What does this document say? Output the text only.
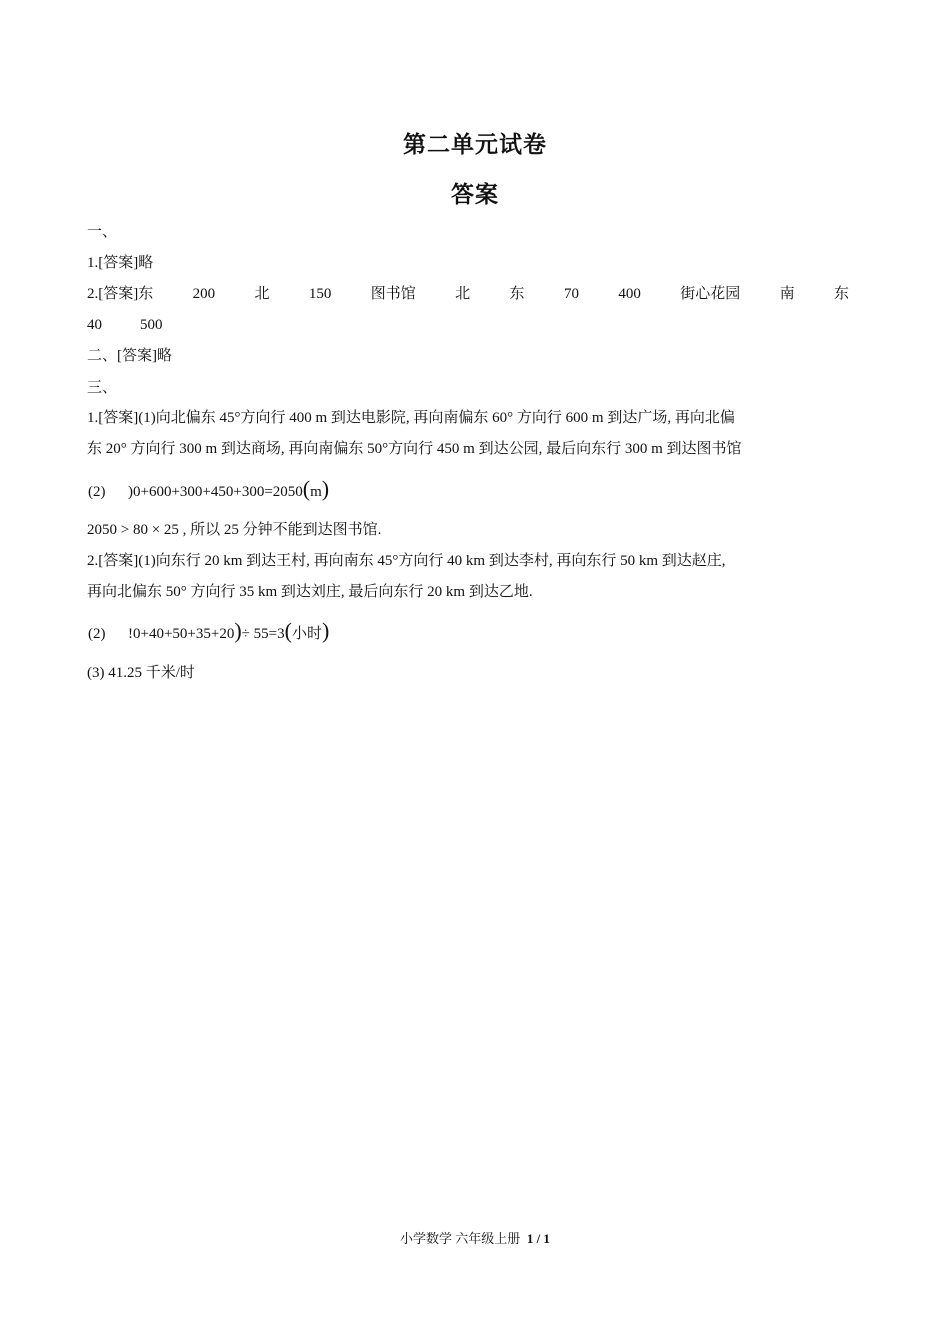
第二单元试卷
答案
一、
1.[答案]略
2.[答案]东	200	北	150	图书馆	北	东	70	400	街心花园	南	东
40	500
二、[答案]略
三、
1.[答案](1)向北偏东 45°方向行 400 m 到达电影院, 再向南偏东 60° 方向行 600 m 到达广场, 再向北偏
东 20° 方向行 300 m 到达商场, 再向南偏东 50°方向行 450 m 到达公园, 最后向东行 300 m 到达图书馆
(2) )0+600+300+450+300=2050(m)
2050 > 80 × 25 , 所以 25 分钟不能到达图书馆.
2.[答案](1)向东行 20 km 到达王村, 再向南东 45°方向行 40 km 到达李村, 再向东行 50 km 到达赵庄,
再向北偏东 50° 方向行 35 km 到达刘庄, 最后向东行 20 km 到达乙地.
(2) !0+40+50+35+20)÷ 55=3(小时)
(3) 41.25 千米/时
小学数学 六年级上册 1 / 1
